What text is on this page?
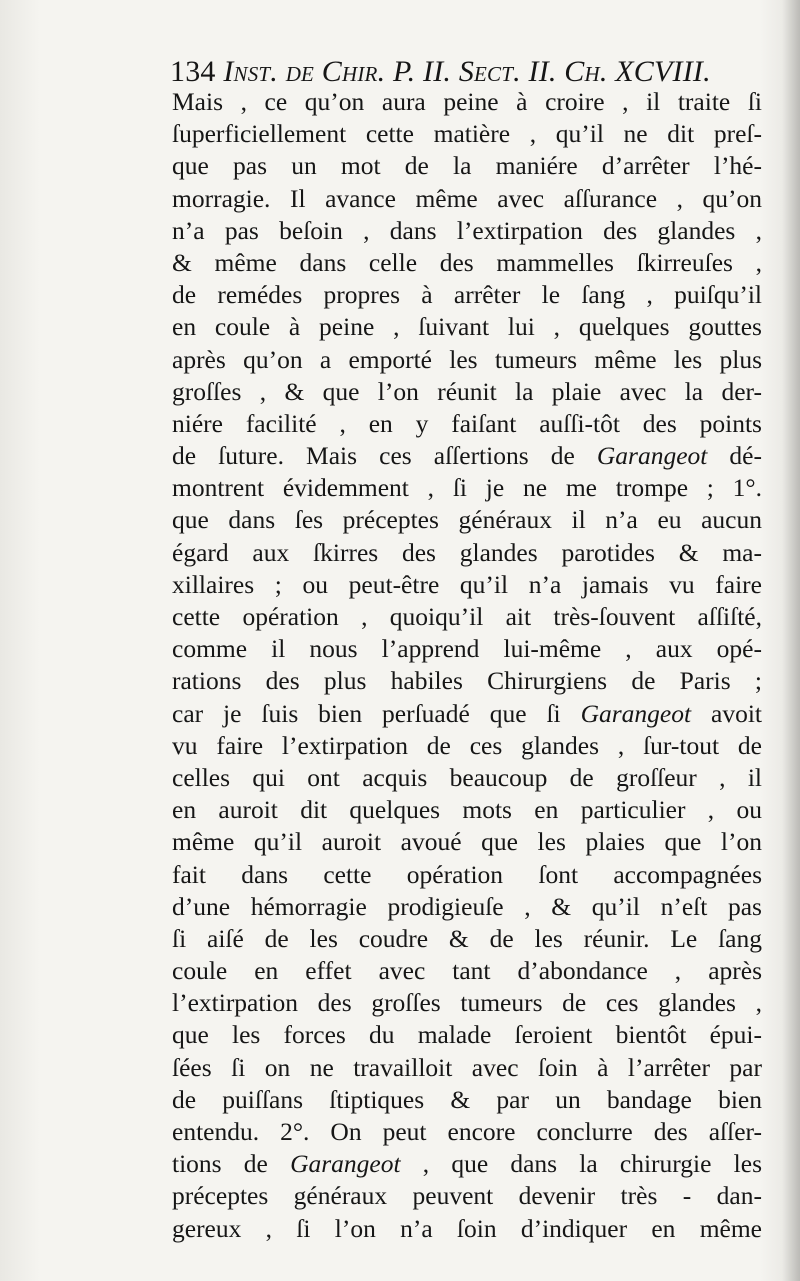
134 Inst. de Chir. P. II. Sect. II. Ch. XCVIII.
Mais , ce qu’on aura peine à croire , il traite ſi
ſuperficiellement cette matière , qu’il ne dit preſ-
que pas un mot de la maniére d’arrêter l’hé-
morragie. Il avance même avec aſſurance , qu’on
n’a pas beſoin , dans l’extirpation des glandes ,
& même dans celle des mammelles ſkirreuſes ,
de remédes propres à arrêter le ſang , puiſqu’il
en coule à peine , ſuivant lui , quelques gouttes
après qu’on a emporté les tumeurs même les plus
groſſes , & que l’on réunit la plaie avec la der-
niére facilité , en y faiſant auſſi-tôt des points
de ſuture. Mais ces aſſertions de Garangeot dé-
montrent évidemment , ſi je ne me trompe ; 1°.
que dans ſes préceptes généraux il n’a eu aucun
égard aux ſkirres des glandes parotides & ma-
xillaires ; ou peut-être qu’il n’a jamais vu faire
cette opération , quoiqu’il ait très-ſouvent aſſiſté,
comme il nous l’apprend lui-même , aux opé-
rations des plus habiles Chirurgiens de Paris ;
car je ſuis bien perſuadé que ſi Garangeot avoit
vu faire l’extirpation de ces glandes , ſur-tout de
celles qui ont acquis beaucoup de groſſeur , il
en auroit dit quelques mots en particulier , ou
même qu’il auroit avoué que les plaies que l’on
fait dans cette opération ſont accompagnées
d’une hémorragie prodigieuſe , & qu’il n’eſt pas
ſi aiſé de les coudre & de les réunir. Le ſang
coule en effet avec tant d’abondance , après
l’extirpation des groſſes tumeurs de ces glandes ,
que les forces du malade ſeroient bientôt épui-
ſées ſi on ne travailloit avec ſoin à l’arrêter par
de puiſſans ſtiptiques & par un bandage bien
entendu. 2°. On peut encore conclurre des aſſer-
tions de Garangeot , que dans la chirurgie les
préceptes généraux peuvent devenir très - dan-
gereux , ſi l’on n’a ſoin d’indiquer en même
